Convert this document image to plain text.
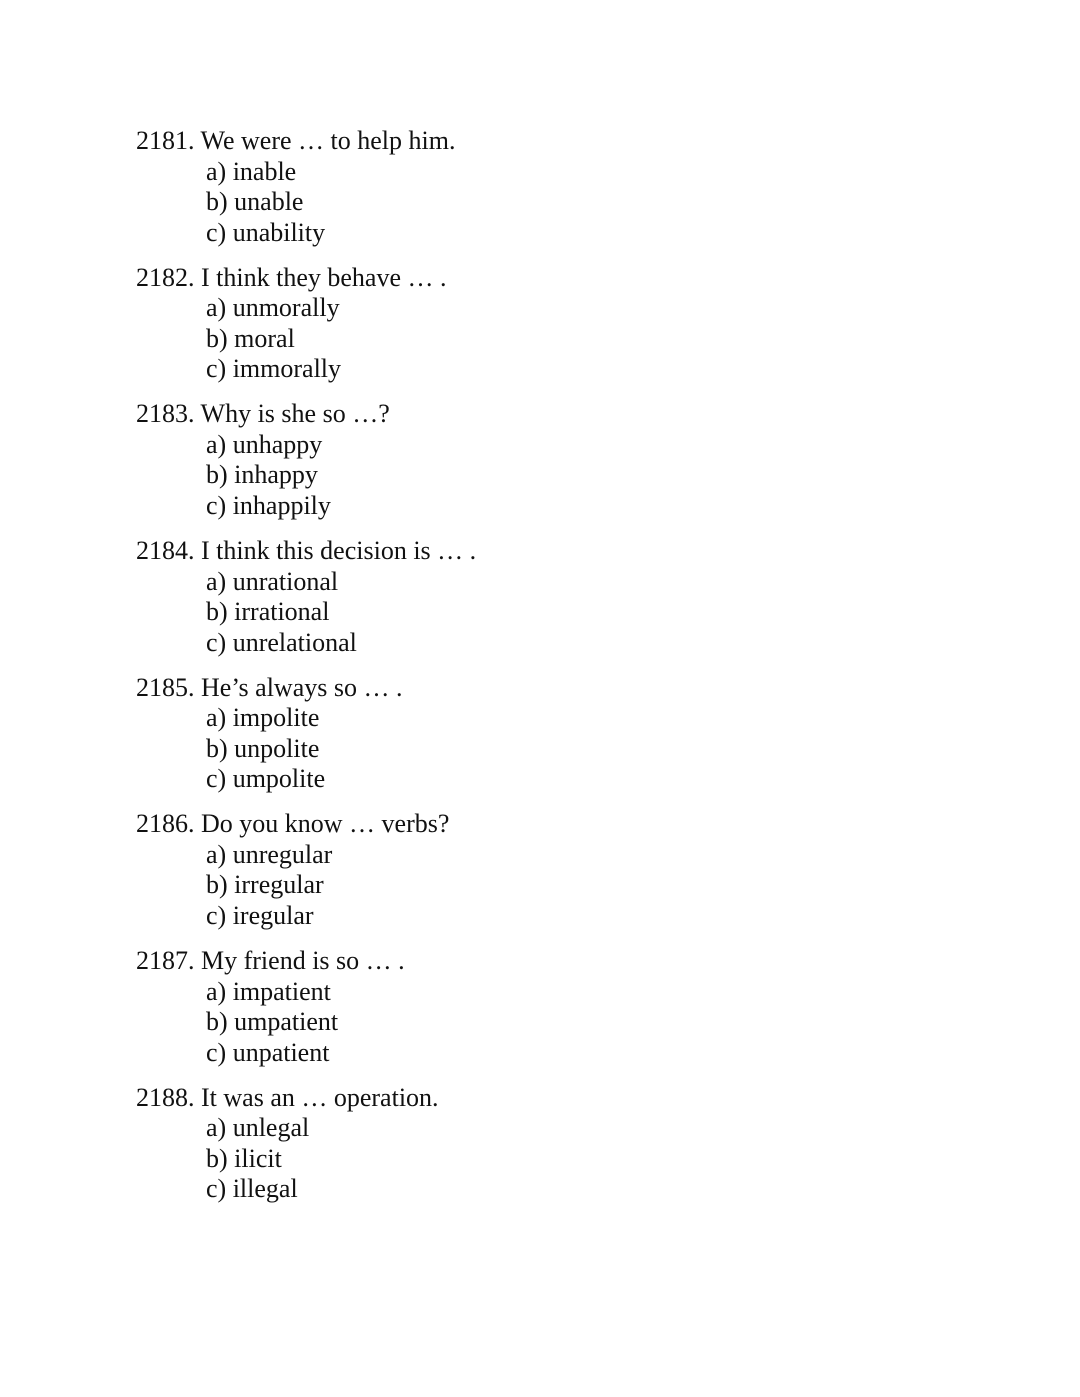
2181. We were … to help him.
a) inable
b) unable
c) unability
2182. I think they behave … .
a) unmorally
b) moral
c) immorally
2183. Why is she so …?
a) unhappy
b) inhappy
c) inhappily
2184. I think this decision is … .
a) unrational
b) irrational
c) unrelational
2185. He’s always so … .
a) impolite
b) unpolite
c) umpolite
2186. Do you know … verbs?
a) unregular
b) irregular
c) iregular
2187. My friend is so … .
a) impatient
b) umpatient
c) unpatient
2188. It was an … operation.
a) unlegal
b) ilicit
c) illegal
